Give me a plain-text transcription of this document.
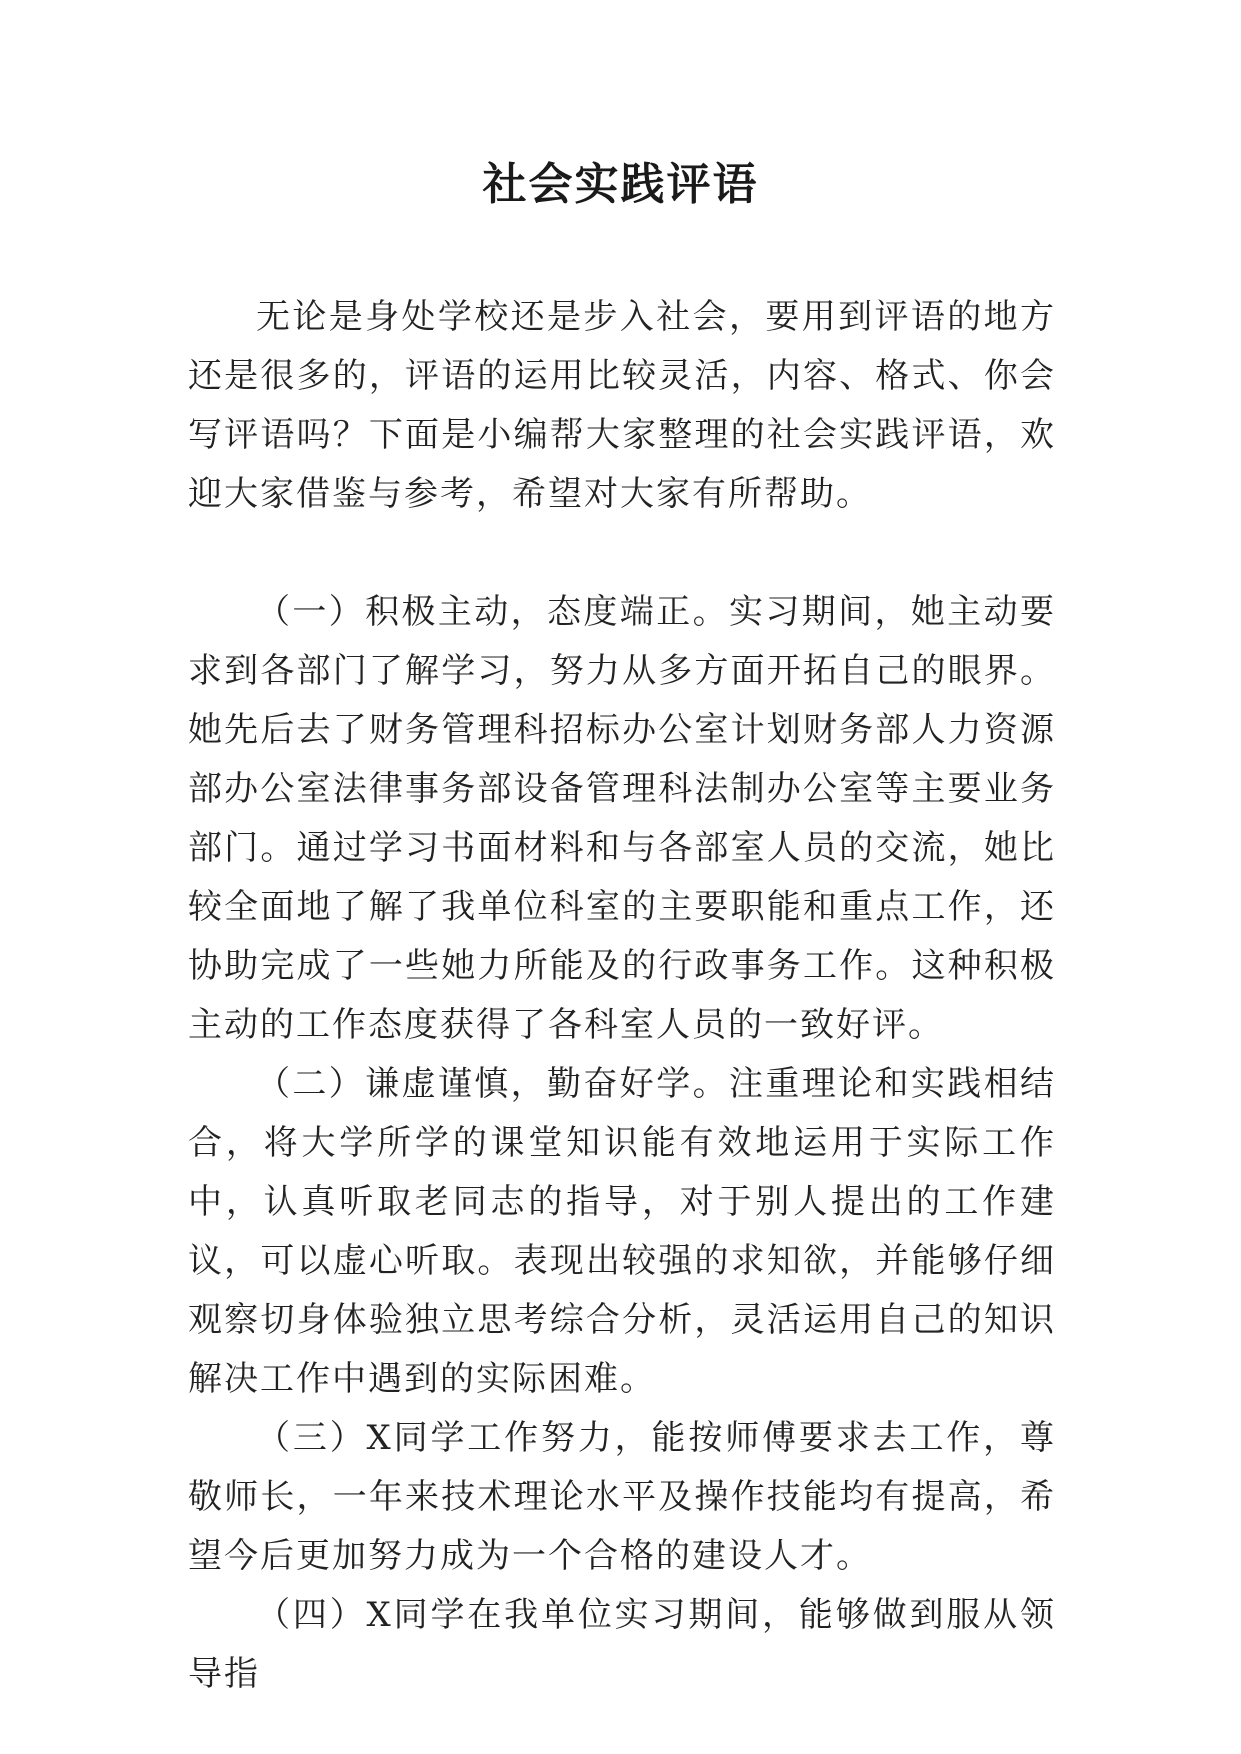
社会实践评语

无论是身处学校还是步入社会，要用到评语的地方还是很多的，评语的运用比较灵活，内容、格式、你会写评语吗？下面是小编帮大家整理的社会实践评语，欢迎大家借鉴与参考，希望对大家有所帮助。

（一）积极主动，态度端正。实习期间，她主动要求到各部门了解学习，努力从多方面开拓自己的眼界。她先后去了财务管理科招标办公室计划财务部人力资源部办公室法律事务部设备管理科法制办公室等主要业务部门。通过学习书面材料和与各部室人员的交流，她比较全面地了解了我单位科室的主要职能和重点工作，还协助完成了一些她力所能及的行政事务工作。这种积极主动的工作态度获得了各科室人员的一致好评。

（二）谦虚谨慎，勤奋好学。注重理论和实践相结合，将大学所学的课堂知识能有效地运用于实际工作中，认真听取老同志的指导，对于别人提出的工作建议，可以虚心听取。表现出较强的求知欲，并能够仔细观察切身体验独立思考综合分析，灵活运用自己的知识解决工作中遇到的实际困难。

（三）X同学工作努力，能按师傅要求去工作，尊敬师长，一年来技术理论水平及操作技能均有提高，希望今后更加努力成为一个合格的建设人才。

（四）X同学在我单位实习期间，能够做到服从领导指
